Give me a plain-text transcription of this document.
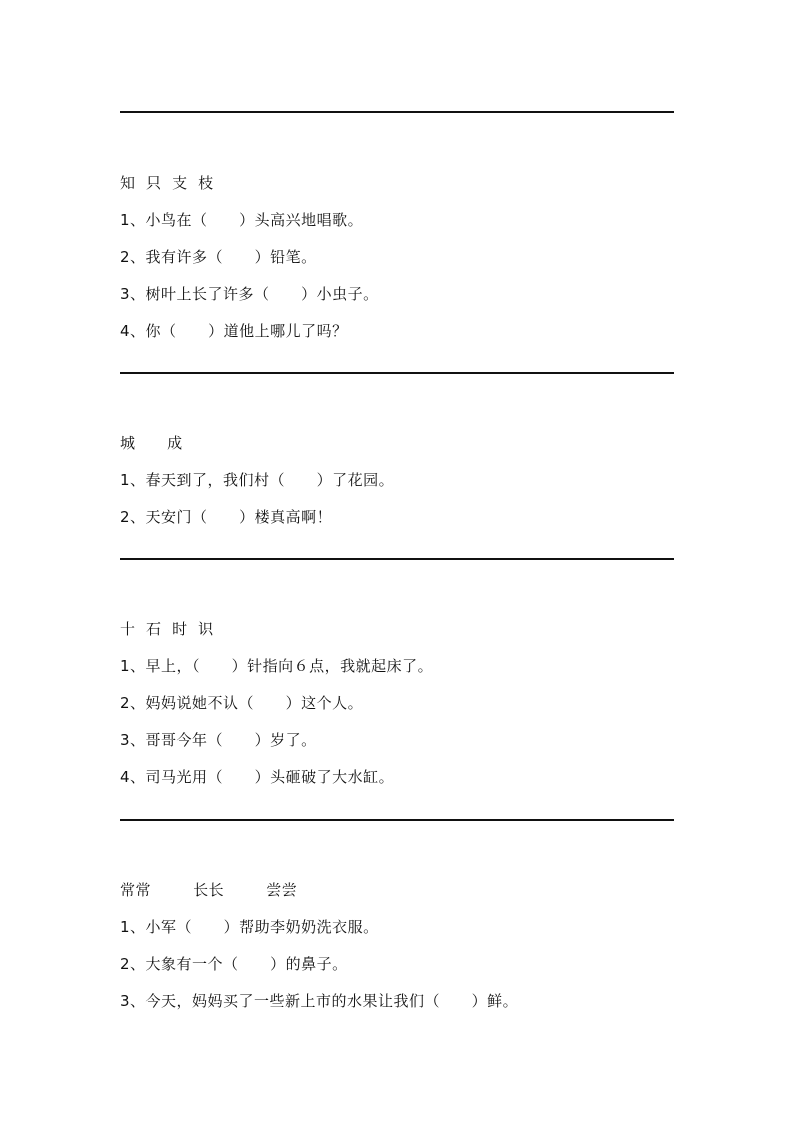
知  只  支  枝
1、小鸟在（      ）头高兴地唱歌。
2、我有许多（      ）铅笔。
3、树叶上长了许多（      ）小虫子。
4、你（      ）道他上哪儿了吗？
城      成
1、春天到了，我们村（      ）了花园。
2、天安门（      ）楼真高啊！
十  石  时  识
1、早上，（      ）针指向６点，我就起床了。
2、妈妈说她不认（      ）这个人。
3、哥哥今年（      ）岁了。
4、司马光用（      ）头砸破了大水缸。
常常        长长        尝尝
1、小军（      ）帮助李奶奶洗衣服。
2、大象有一个（      ）的鼻子。
3、今天，妈妈买了一些新上市的水果让我们（      ）鲜。
